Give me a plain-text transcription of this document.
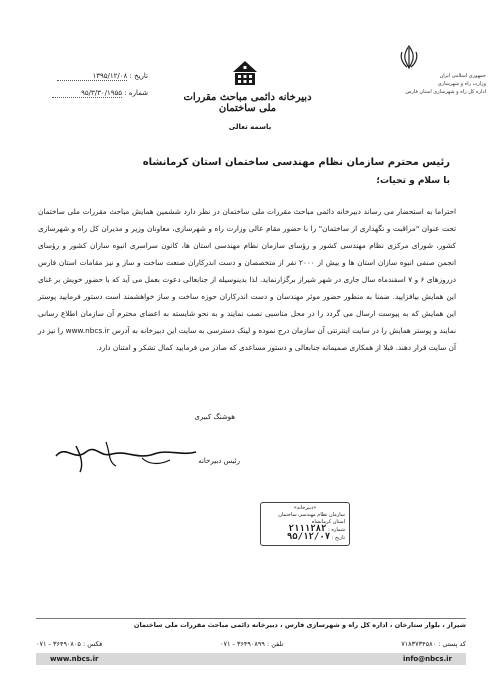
جمهوری اسلامی ایران
وزارت راه و شهرسازی
اداره کل راه و شهرسازی استان فارس
دبیرخانه دائمی مباحث مقررات ملی ساختمان
تاریخ : ۱۳۹۵/۱۲/۰۸
شماره : ۹۵/۳/۳۰/۱۹۵۵
باسمه تعالی
رئیس محترم سازمان نظام مهندسی ساختمان استان کرمانشاه
با سلام و تحیات؛

احتراما به استحضار می رساند دبیرخانه دائمی مباحث مقررات ملی ساختمان در نظر دارد ششمین همایش مباحث مقررات ملی ساختمان تحت عنوان "مراقبت و نگهداری از ساختمان" را با حضور مقام عالی وزارت راه و شهرسازی، معاونان وزیر و مدیران کل راه و شهرسازی کشور، شورای مرکزی نظام مهندسی کشور و رؤسای سازمان نظام مهندسی استان ها، کانون سراسری انبوه سازان کشور و رؤسای انجمن صنفی انبوه سازان استان ها و بیش از ۲۰۰۰ نفر از متخصصان و دست اندرکاران صنعت ساخت و ساز و نیز مقامات استان فارس درروزهای ۶ و ۷ اسفندماه سال جاری در شهر شیراز برگزارنماید. لذا بدینوسیله از جنابعالی دعوت بعمل می آید که با حضور خویش بر غنای این همایش بیافزایید. ضمنا به منظور حضور موثر مهندسان و دست اندرکاران حوزه ساخت و ساز خواهشمند است دستور فرمایید پوستر این همایش که به پیوست ارسال می گردد را در محل مناسبی نصب نمایند و به نحو شایسته به اعضای محترم آن سازمان اطلاع رسانی نمایند و پوستر همایش را در سایت اینترنتی آن سازمان درج نموده و لینک دسترسی به سایت این دبیرخانه به آدرس www.nbcs.ir را نیز در آن سایت قرار دهند. قبلا از همکاری صمیمانه جنابعالی و دستور مساعدی که صادر می فرمایید کمال تشکر و امتنان دارد.

هوشنگ کبیری
رئیس دبیرخانه
«دبیرخانه»
سازمان نظام مهندسی ساختمان استان کرمانشاه
شماره : ۲۱۱۱۲۸۲
تاریخ : ۹۵/۱۲/۰۷
شیراز ، بلوار ستارخان ، اداره کل راه و شهرسازی فارس ، دبیرخانه دائمی مباحث مقررات ملی ساختمان
کد پستی : ۷۱۸۳۷۳۴۵۸۰
تلفن : ۳۶۴۹۰۸۹۹ - ۰۷۱
فکس : ۳۶۴۹۰۸۰۵ - ۰۷۱
www.nbcs.ir	info@nbcs.ir
